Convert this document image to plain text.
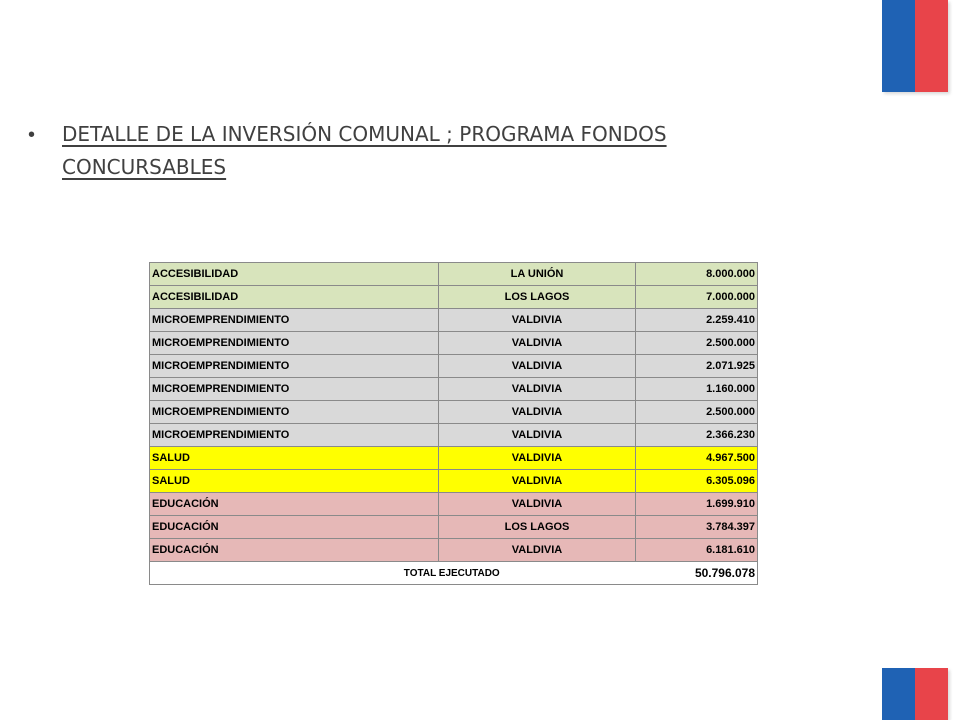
•	DETALLE DE LA INVERSIÓN COMUNAL ; PROGRAMA FONDOS CONCURSABLES
ACCESIBILIDAD	LA UNIÓN	8.000.000
ACCESIBILIDAD	LOS LAGOS	7.000.000
MICROEMPRENDIMIENTO	VALDIVIA	2.259.410
MICROEMPRENDIMIENTO	VALDIVIA	2.500.000
MICROEMPRENDIMIENTO	VALDIVIA	2.071.925
MICROEMPRENDIMIENTO	VALDIVIA	1.160.000
MICROEMPRENDIMIENTO	VALDIVIA	2.500.000
MICROEMPRENDIMIENTO	VALDIVIA	2.366.230
SALUD	VALDIVIA	4.967.500
SALUD	VALDIVIA	6.305.096
EDUCACIÓN	VALDIVIA	1.699.910
EDUCACIÓN	LOS LAGOS	3.784.397
EDUCACIÓN	VALDIVIA	6.181.610
TOTAL EJECUTADO		50.796.078
